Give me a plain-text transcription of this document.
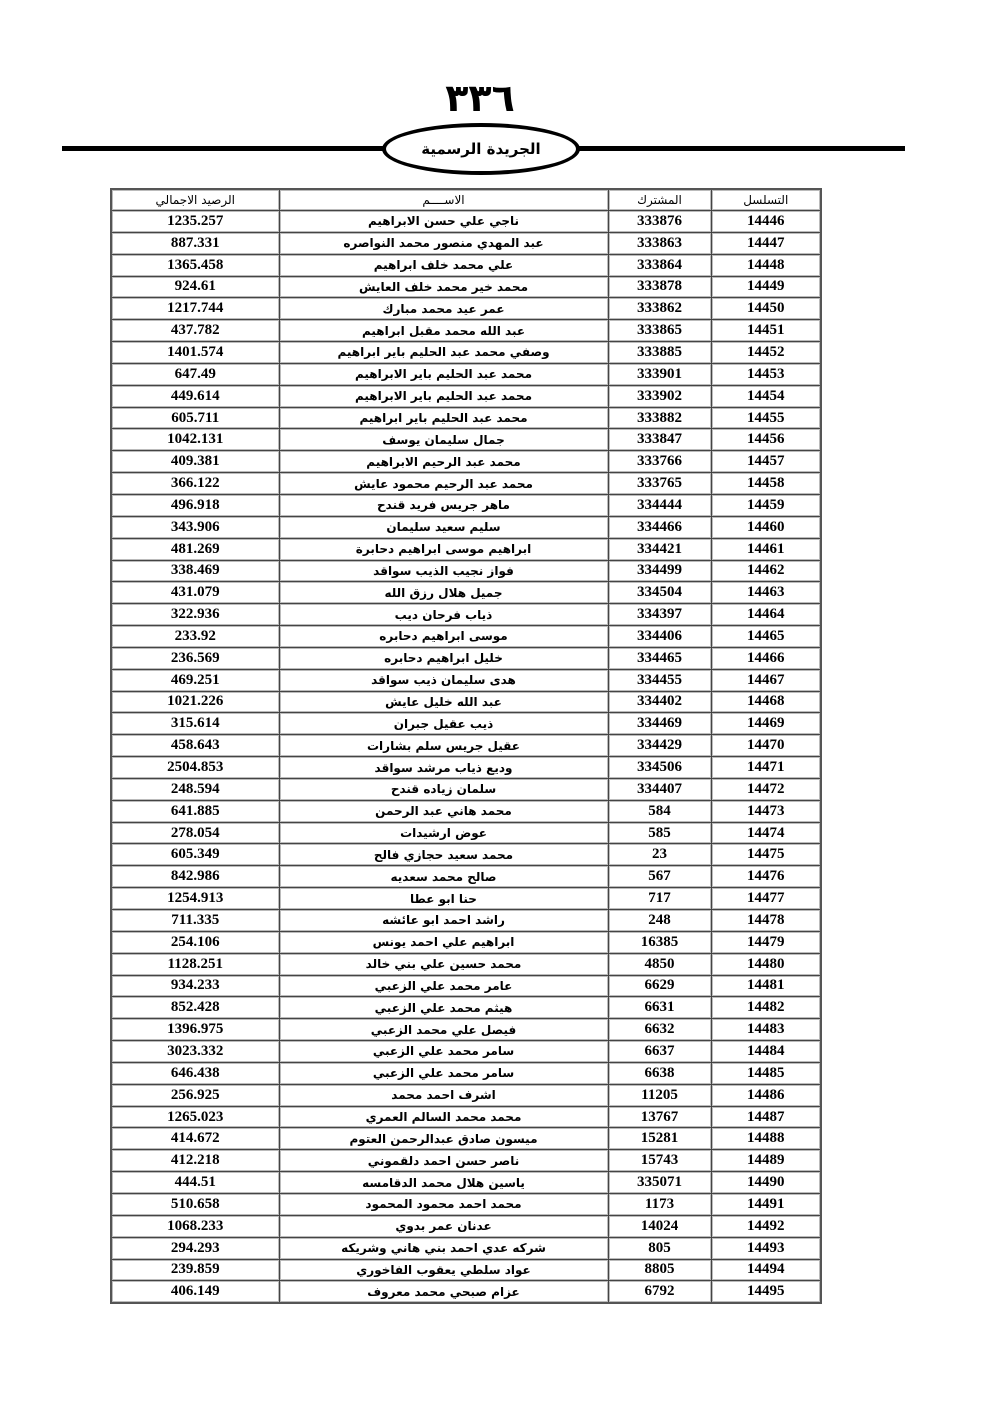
٣٣٦
الجريدة الرسمية
الرصيد الاجمالي	الاســــم	المشترك	التسلسل
1235.257	ناجي علي حسن الابراهيم	333876	14446
887.331	عبد المهدي منصور محمد النواصره	333863	14447
1365.458	علي محمد خلف ابراهيم	333864	14448
924.61	محمد خير محمد خلف العايش	333878	14449
1217.744	عمر عيد محمد مبارك	333862	14450
437.782	عبد الله محمد مقبل ابراهيم	333865	14451
1401.574	وصفي محمد عبد الحليم باير ابراهيم	333885	14452
647.49	محمد عبد الحليم باير الابراهيم	333901	14453
449.614	محمد عبد الحليم باير الابراهيم	333902	14454
605.711	محمد عبد الحليم باير ابراهيم	333882	14455
1042.131	جمال سليمان يوسف	333847	14456
409.381	محمد عبد الرحيم الابراهيم	333766	14457
366.122	محمد عبد الرحيم محمود عايش	333765	14458
496.918	ماهر جريس فريد قندح	334444	14459
343.906	سليم سعيد سليمان	334466	14460
481.269	ابراهيم موسى ابراهيم دحابرة	334421	14461
338.469	فواز نجيب الذيب سواقد	334499	14462
431.079	جميل هلال رزق الله	334504	14463
322.936	ذياب فرحان ديب	334397	14464
233.92	موسى ابراهيم دحابره	334406	14465
236.569	خليل ابراهيم دحابره	334465	14466
469.251	هدى سليمان ذيب سواقد	334455	14467
1021.226	عبد الله خليل عايش	334402	14468
315.614	ذيب عقيل جبران	334469	14469
458.643	عقيل جريس سلم بشارات	334429	14470
2504.853	وديع ذياب مرشد سواقد	334506	14471
248.594	سلمان زياده قندح	334407	14472
641.885	محمد هاني عبد الرحمن	584	14473
278.054	عوض ارشيدات	585	14474
605.349	محمد سعيد حجازي فالح	23	14475
842.986	صالح محمد سعديه	567	14476
1254.913	حنا ابو عطا	717	14477
711.335	راشد احمد ابو عائشه	248	14478
254.106	ابراهيم علي احمد يونس	16385	14479
1128.251	محمد حسين علي بني خالد	4850	14480
934.233	عامر محمد علي الزعبي	6629	14481
852.428	هيثم محمد علي الزعبي	6631	14482
1396.975	فيصل علي محمد الزعبي	6632	14483
3023.332	سامر محمد علي الزعبي	6637	14484
646.438	سامر محمد علي الزعبي	6638	14485
256.925	اشرف احمد محمد	11205	14486
1265.023	محمد محمد السالم العمري	13767	14487
414.672	ميسون صادق عبدالرحمن العتوم	15281	14488
412.218	ناصر حسن احمد دلقموني	15743	14489
444.51	ياسين هلال محمد الدقامسه	335071	14490
510.658	محمد احمد محمود المحمود	1173	14491
1068.233	عدنان عمر بدوي	14024	14492
294.293	شركه عدي احمد بني هاني وشريكه	805	14493
239.859	عواد سلطي يعقوب الفاخوري	8805	14494
406.149	عزام صبحي محمد معروف	6792	14495
